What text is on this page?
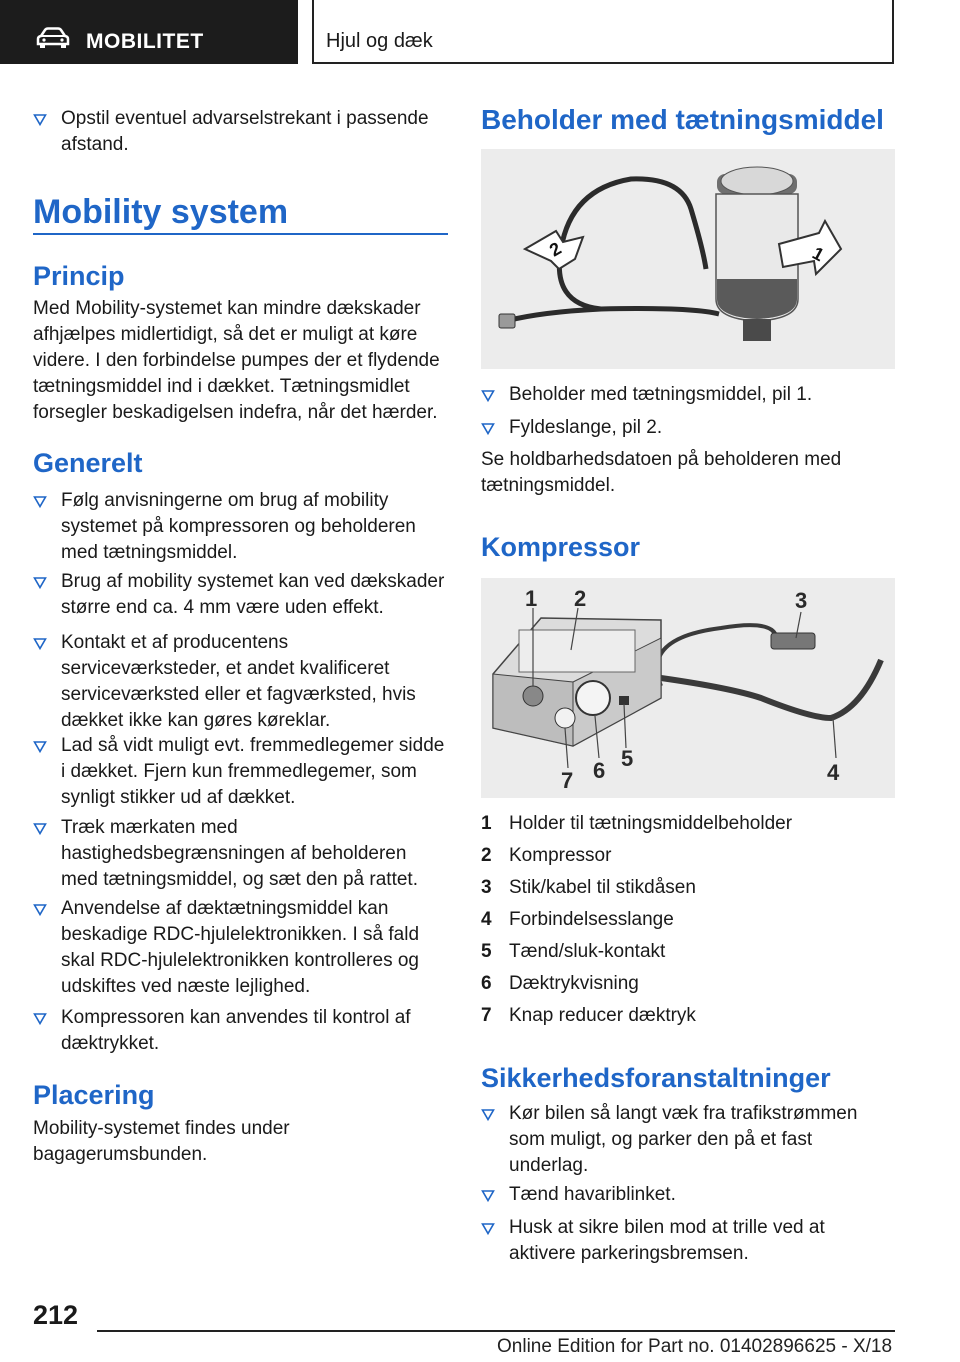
MOBILITET	Hjul og dæk
Opstil eventuel advarselstrekant i passende afstand.
Mobility system
Princip
Med Mobility-systemet kan mindre dækskader afhjælpes midlertidigt, så det er muligt at køre videre. I den forbindelse pumpes der et flydende tætningsmiddel ind i dækket. Tætningsmidlet forsegler beskadigelsen indefra, når det hærder.
Generelt
Følg anvisningerne om brug af mobility systemet på kompressoren og beholderen med tætningsmiddel.
Brug af mobility systemet kan ved dækskader større end ca. 4 mm være uden effekt.
Kontakt et af producentens serviceværksteder, et andet kvalificeret serviceværksted eller et fagværksted, hvis dækket ikke kan gøres køreklar.
Lad så vidt muligt evt. fremmedlegemer sidde i dækket. Fjern kun fremmedlegemer, som synligt stikker ud af dækket.
Træk mærkaten med hastighedsbegrænsningen af beholderen med tætningsmiddel, og sæt den på rattet.
Anvendelse af dæktætningsmiddel kan beskadige RDC-hjulelektronikken. I så fald skal RDC-hjulelektronikken kontrolleres og udskiftes ved næste lejlighed.
Kompressoren kan anvendes til kontrol af dæktrykket.
Placering
Mobility-systemet findes under bagagerumsbunden.
Beholder med tætningsmiddel
2	1
Beholder med tætningsmiddel, pil 1.
Fyldeslange, pil 2.
Se holdbarhedsdatoen på beholderen med tætningsmiddel.
Kompressor
1 2	3
4
5
6
7
1 Holder til tætningsmiddelbeholder
2 Kompressor
3 Stik/kabel til stikdåsen
4 Forbindelsesslange
5 Tænd/sluk-kontakt
6 Dæktrykvisning
7 Knap reducer dæktryk
Sikkerhedsforanstaltninger
Kør bilen så langt væk fra trafikstrømmen som muligt, og parker den på et fast underlag.
Tænd havariblinket.
Husk at sikre bilen mod at trille ved at aktivere parkeringsbremsen.
212
Online Edition for Part no. 01402896625 - X/18
